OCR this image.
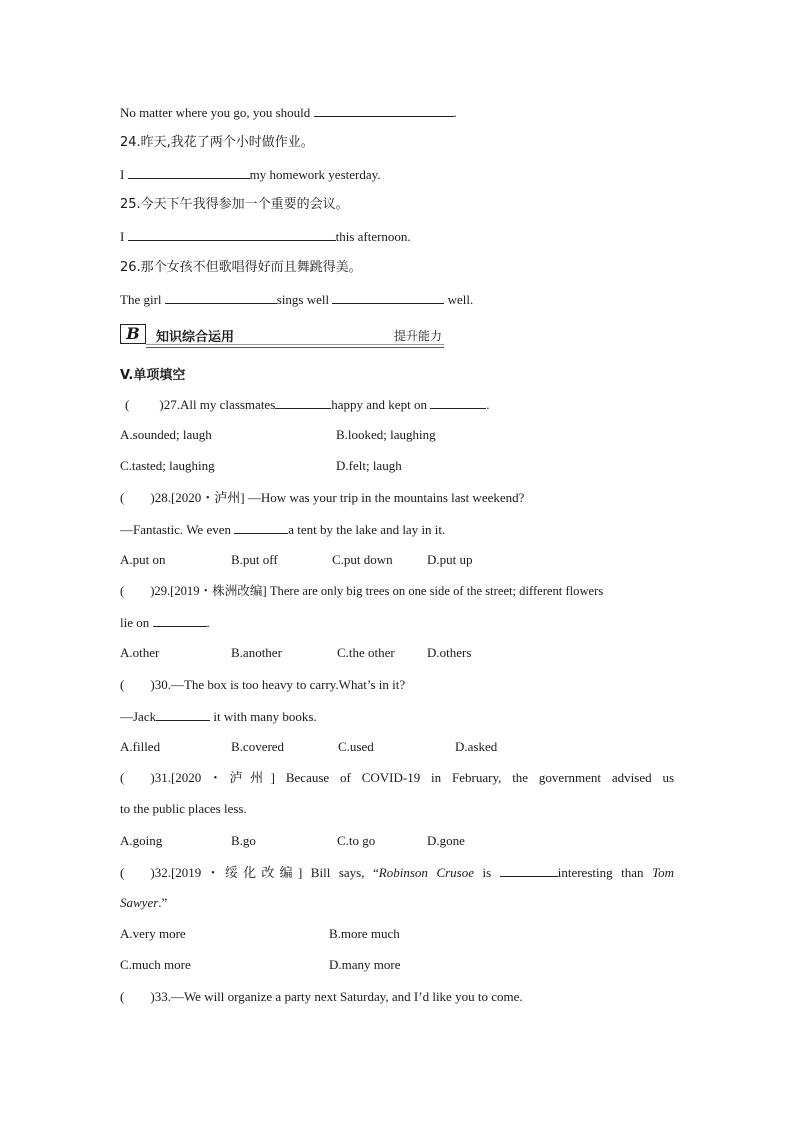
No matter where you go, you should	.
24.昨天,我花了两个小时做作业。
I	my homework yesterday.
25.今天下午我得参加一个重要的会议。
I	this afternoon.
26.那个女孩不但歌唱得好而且舞跳得美。
The girl	sings well	well.
B	知识综合运用	提升能力
V.单项填空
( )27.All my classmates	happy and kept on	.
A.sounded; laugh	B.looked; laughing
C.tasted; laughing	D.felt; laugh
( )28.[2020・泸州] —How was your trip in the mountains last weekend?
—Fantastic. We even	a tent by the lake and lay in it.
A.put on	B.put off	C.put down	D.put up
( )29.[2019・株洲改编] There are only big trees on one side of the street; different flowers
lie on	.
A.other	B.another	C.the other D.others
( )30.—The box is too heavy to carry.What’s in it?
—Jack	it with many books.
A.filled	B.covered	C.used	D.asked
( )31.[2020・泸州] Because of COVID-19 in February, the government advised us
to the public places less.
A.going	B.go	C.to go	D.gone
( )32.[2019・绥化改编] Bill says, “Robinson Crusoe is	interesting than Tom
Sawyer.”
A.very more	B.more much
C.much more	D.many more
( )33.—We will organize a party next Saturday, and I’d like you to come.
